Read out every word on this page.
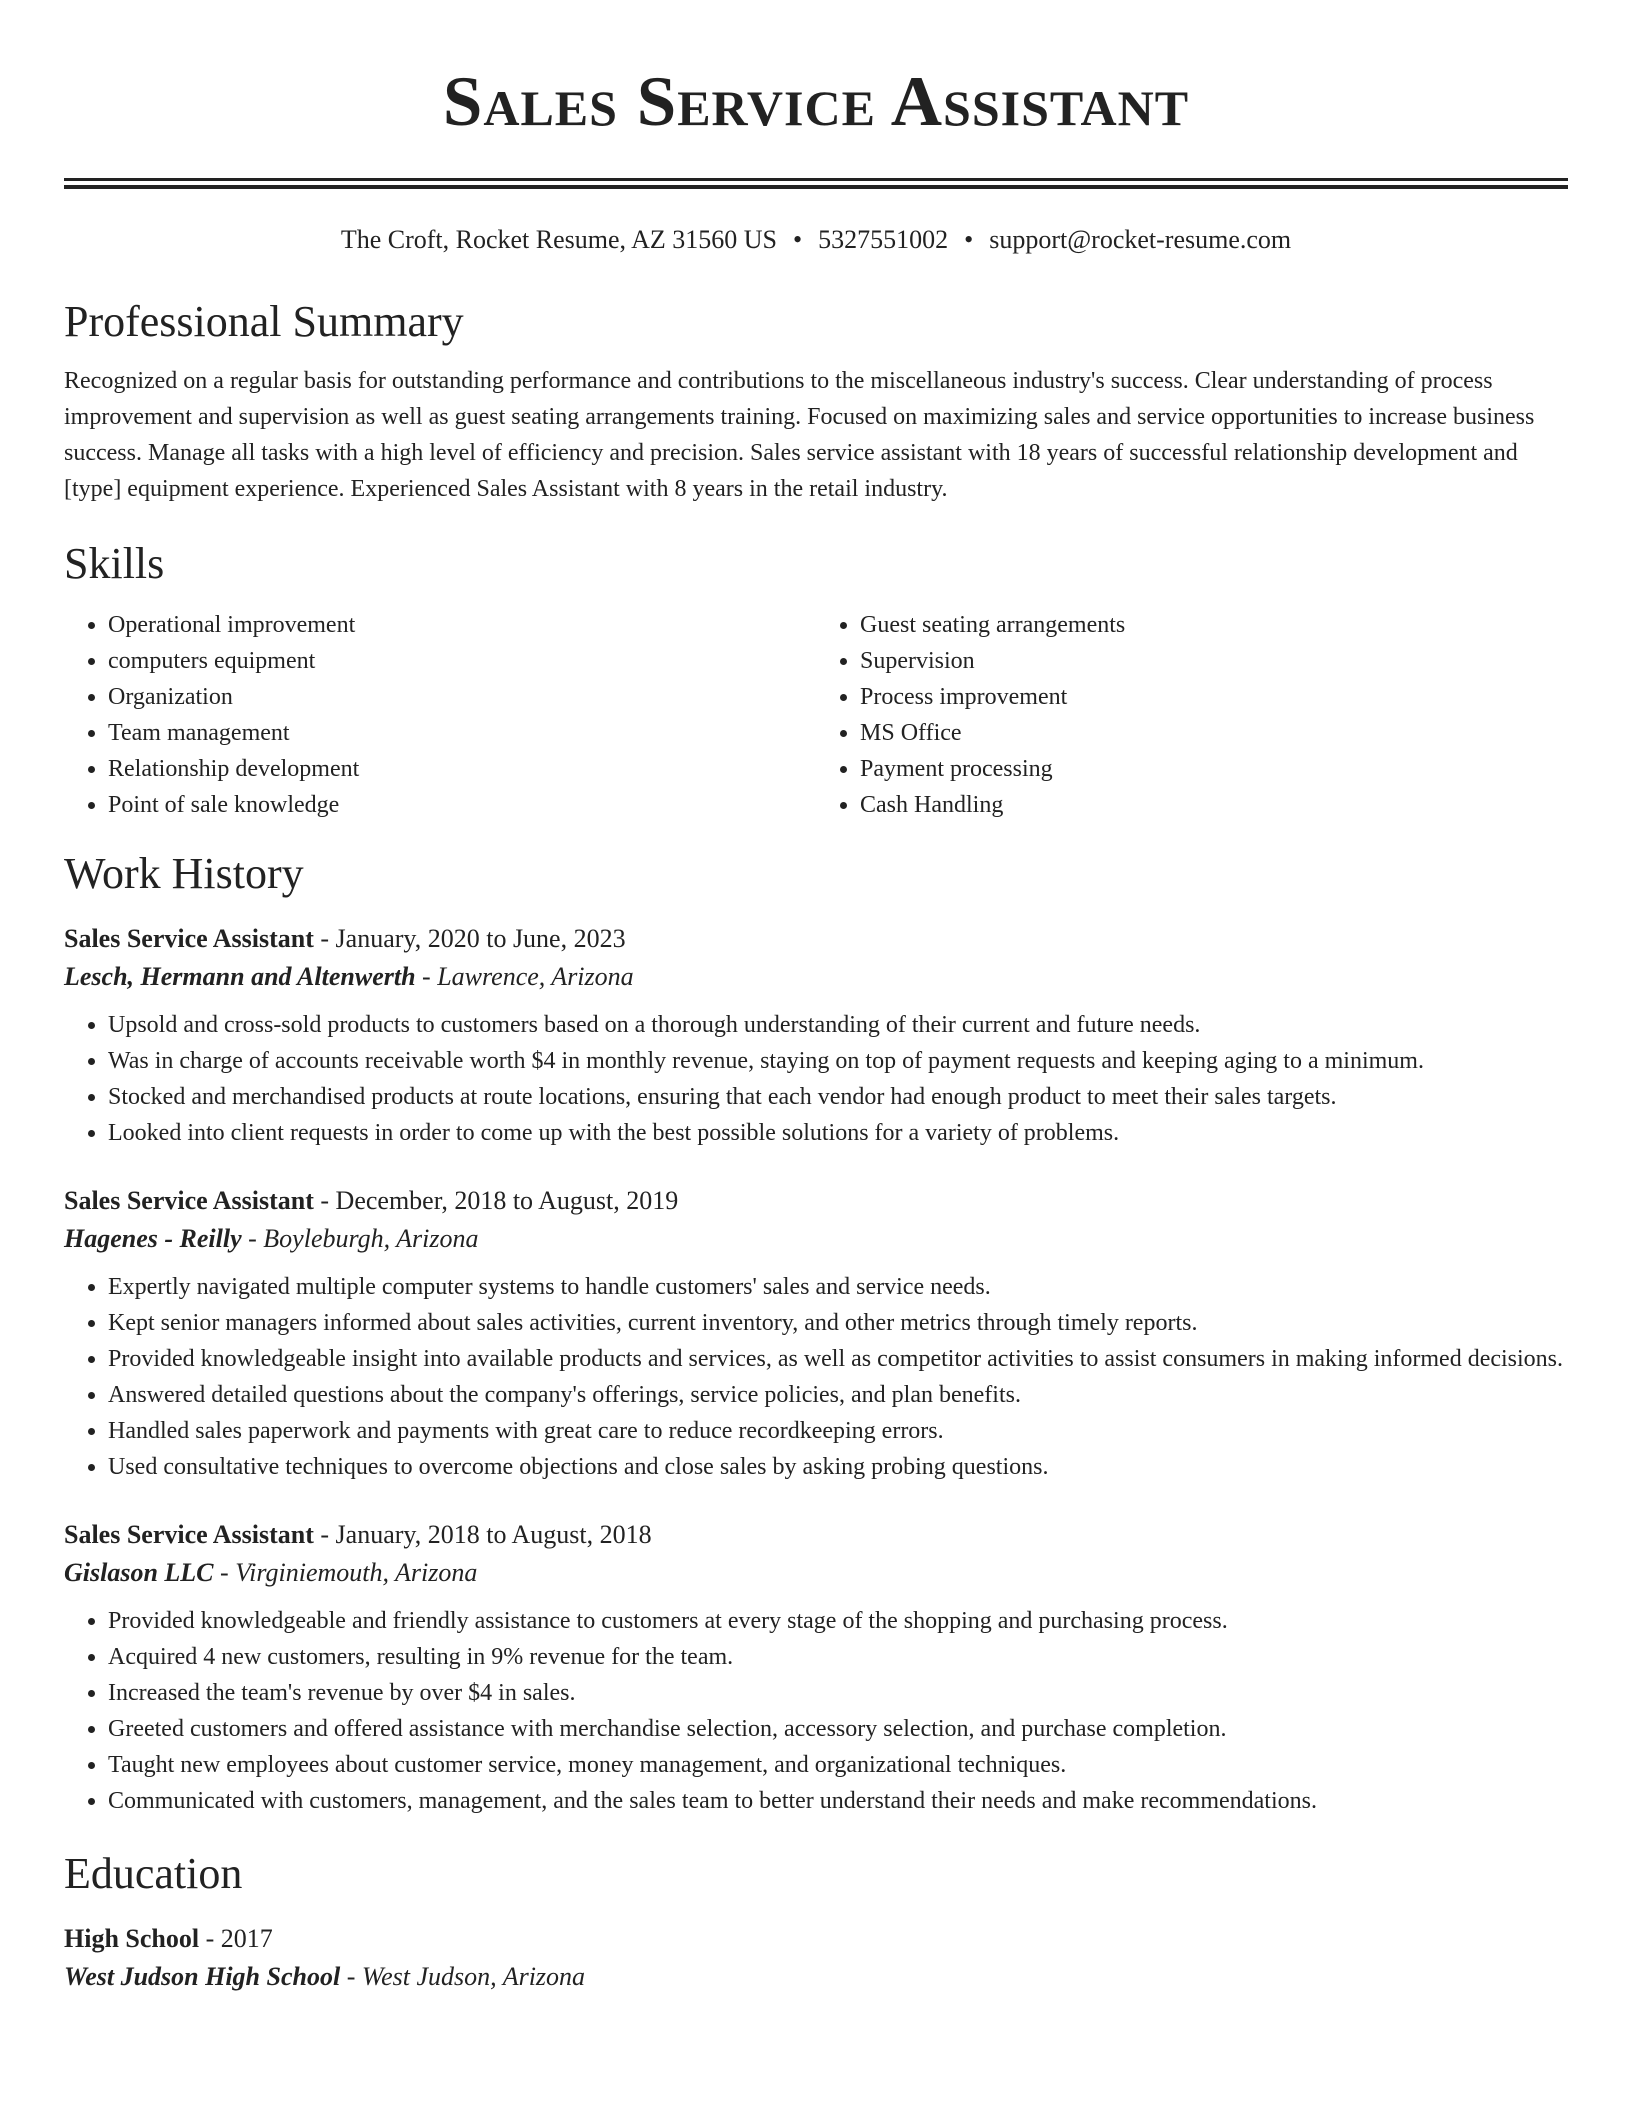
Sales Service Assistant
The Croft, Rocket Resume, AZ 31560 US • 5327551002 • support@rocket-resume.com
Professional Summary

Recognized on a regular basis for outstanding performance and contributions to the miscellaneous industry's success. Clear understanding of process improvement and supervision as well as guest seating arrangements training. Focused on maximizing sales and service opportunities to increase business success. Manage all tasks with a high level of efficiency and precision. Sales service assistant with 18 years of successful relationship development and [type] equipment experience. Experienced Sales Assistant with 8 years in the retail industry.

Skills
• Operational improvement
• computers equipment
• Organization
• Team management
• Relationship development
• Point of sale knowledge
• Guest seating arrangements
• Supervision
• Process improvement
• MS Office
• Payment processing
• Cash Handling
Work History
Sales Service Assistant - January, 2020 to June, 2023
Lesch, Hermann and Altenwerth - Lawrence, Arizona
• Upsold and cross-sold products to customers based on a thorough understanding of their current and future needs.
• Was in charge of accounts receivable worth $4 in monthly revenue, staying on top of payment requests and keeping aging to a minimum.
• Stocked and merchandised products at route locations, ensuring that each vendor had enough product to meet their sales targets.
• Looked into client requests in order to come up with the best possible solutions for a variety of problems.
Sales Service Assistant - December, 2018 to August, 2019
Hagenes - Reilly - Boyleburgh, Arizona
• Expertly navigated multiple computer systems to handle customers' sales and service needs.
• Kept senior managers informed about sales activities, current inventory, and other metrics through timely reports.
• Provided knowledgeable insight into available products and services, as well as competitor activities to assist consumers in making informed decisions.
• Answered detailed questions about the company's offerings, service policies, and plan benefits.
• Handled sales paperwork and payments with great care to reduce recordkeeping errors.
• Used consultative techniques to overcome objections and close sales by asking probing questions.
Sales Service Assistant - January, 2018 to August, 2018
Gislason LLC - Virginiemouth, Arizona
• Provided knowledgeable and friendly assistance to customers at every stage of the shopping and purchasing process.
• Acquired 4 new customers, resulting in 9% revenue for the team.
• Increased the team's revenue by over $4 in sales.
• Greeted customers and offered assistance with merchandise selection, accessory selection, and purchase completion.
• Taught new employees about customer service, money management, and organizational techniques.
• Communicated with customers, management, and the sales team to better understand their needs and make recommendations.
Education
High School - 2017
West Judson High School - West Judson, Arizona
